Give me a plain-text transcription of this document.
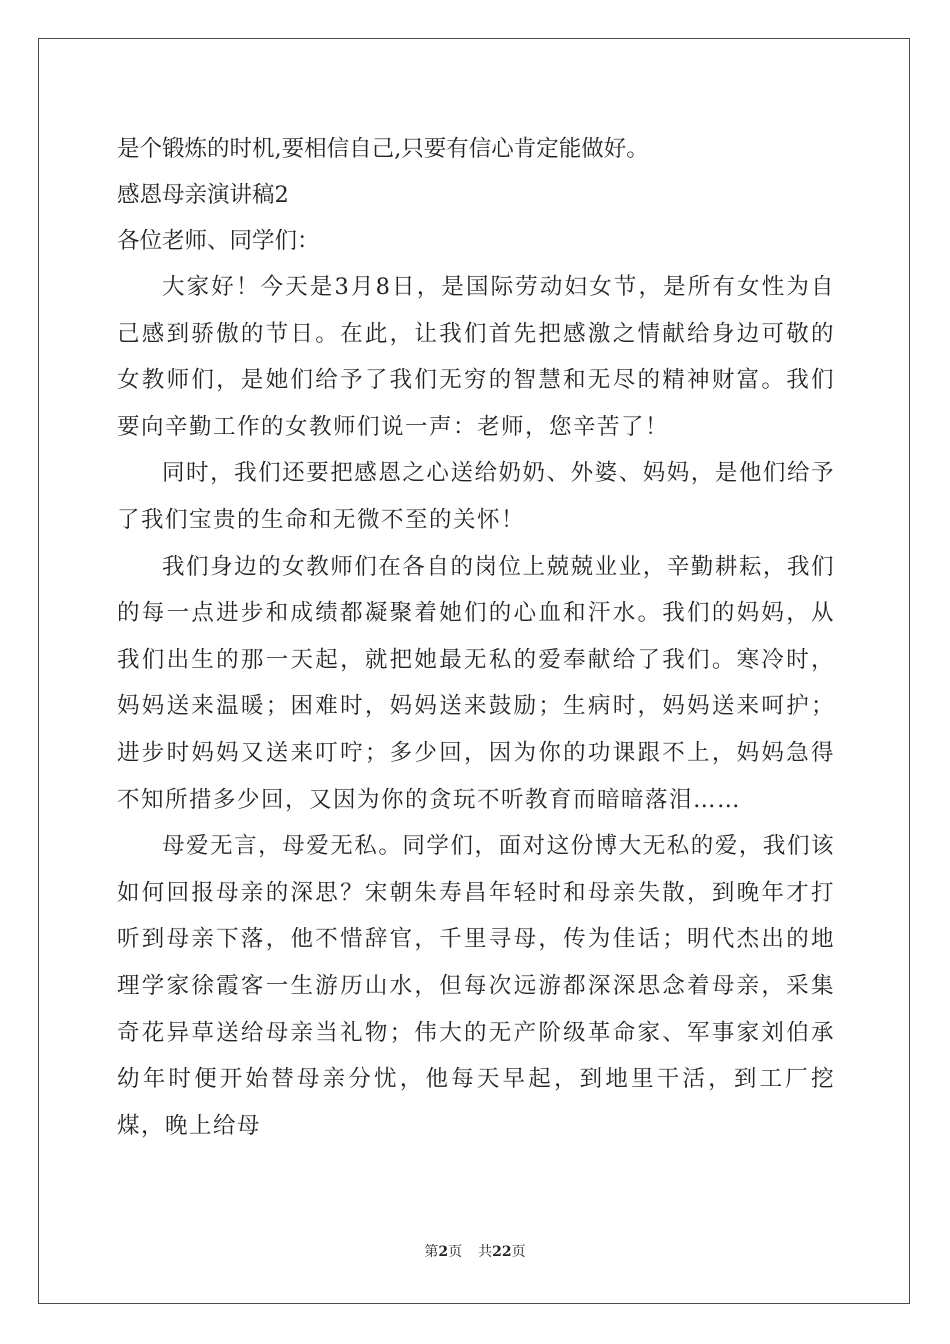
是个锻炼的时机,要相信自己,只要有信心肯定能做好。
感恩母亲演讲稿2
各位老师、同学们：

大家好！今天是3月8日，是国际劳动妇女节，是所有女性为自己感到骄傲的节日。在此，让我们首先把感激之情献给身边可敬的女教师们，是她们给予了我们无穷的智慧和无尽的精神财富。我们要向辛勤工作的女教师们说一声：老师，您辛苦了！

同时，我们还要把感恩之心送给奶奶、外婆、妈妈，是他们给予了我们宝贵的生命和无微不至的关怀！

我们身边的女教师们在各自的岗位上兢兢业业，辛勤耕耘，我们的每一点进步和成绩都凝聚着她们的心血和汗水。我们的妈妈，从我们出生的那一天起，就把她最无私的爱奉献给了我们。寒冷时，妈妈送来温暖；困难时，妈妈送来鼓励；生病时，妈妈送来呵护；进步时妈妈又送来叮咛；多少回，因为你的功课跟不上，妈妈急得不知所措多少回，又因为你的贪玩不听教育而暗暗落泪……

母爱无言，母爱无私。同学们，面对这份博大无私的爱，我们该如何回报母亲的深思？宋朝朱寿昌年轻时和母亲失散，到晚年才打听到母亲下落，他不惜辞官，千里寻母，传为佳话；明代杰出的地理学家徐霞客一生游历山水，但每次远游都深深思念着母亲，采集奇花异草送给母亲当礼物；伟大的无产阶级革命家、军事家刘伯承幼年时便开始替母亲分忧，他每天早起，到地里干活，到工厂挖煤，晚上给母

第2页 共22页
